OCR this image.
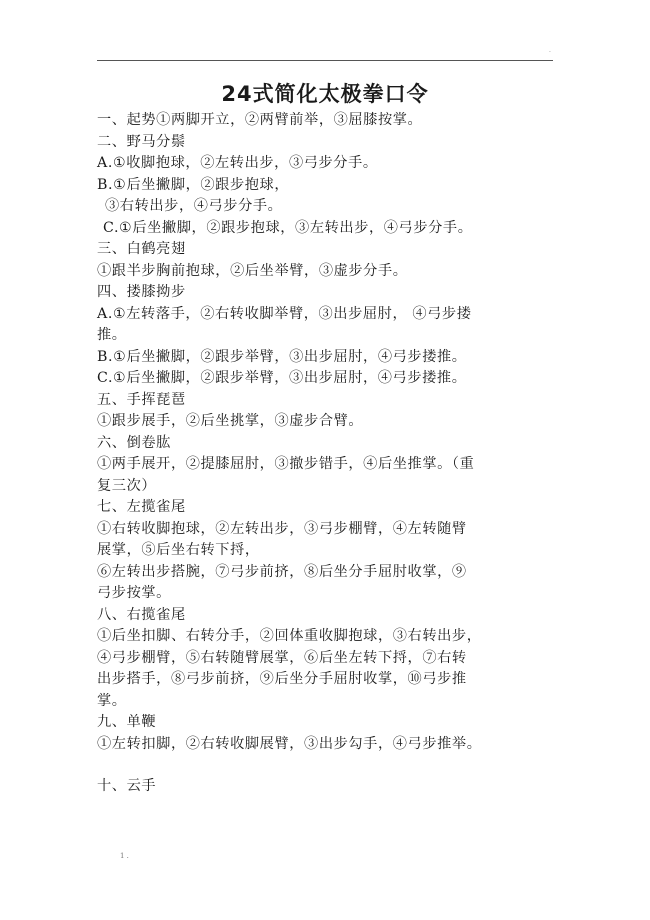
.
24式简化太极拳口令
一、起势①两脚开立，②两臂前举，③屈膝按掌。
二、野马分鬃
A.①收脚抱球，②左转出步，③弓步分手。
B.①后坐撇脚，②跟步抱球，
③右转出步，④弓步分手。
C.①后坐撇脚，②跟步抱球，③左转出步，④弓步分手。
三、白鹤亮翅
①跟半步胸前抱球，②后坐举臂，③虚步分手。
四、搂膝拗步
A.①左转落手，②右转收脚举臂，③出步屈肘， ④弓步搂
推。
B.①后坐撇脚，②跟步举臂，③出步屈肘，④弓步搂推。
C.①后坐撇脚，②跟步举臂，③出步屈肘，④弓步搂推。
五、手挥琵琶
①跟步展手，②后坐挑掌，③虚步合臂。
六、倒卷肱
①两手展开，②提膝屈肘，③撤步错手，④后坐推掌。（重
复三次）
七、左揽雀尾
①右转收脚抱球，②左转出步，③弓步棚臂，④左转随臂
展掌，⑤后坐右转下捋，
⑥左转出步搭腕，⑦弓步前挤，⑧后坐分手屈肘收掌，⑨
弓步按掌。
八、右揽雀尾
①后坐扣脚、右转分手，②回体重收脚抱球，③右转出步，
④弓步棚臂，⑤右转随臂展掌，⑥后坐左转下捋，⑦右转
出步搭手，⑧弓步前挤，⑨后坐分手屈肘收掌，⑩弓步推
掌。
九、单鞭
①左转扣脚，②右转收脚展臂，③出步勾手，④弓步推举。
十、云手
1 .
